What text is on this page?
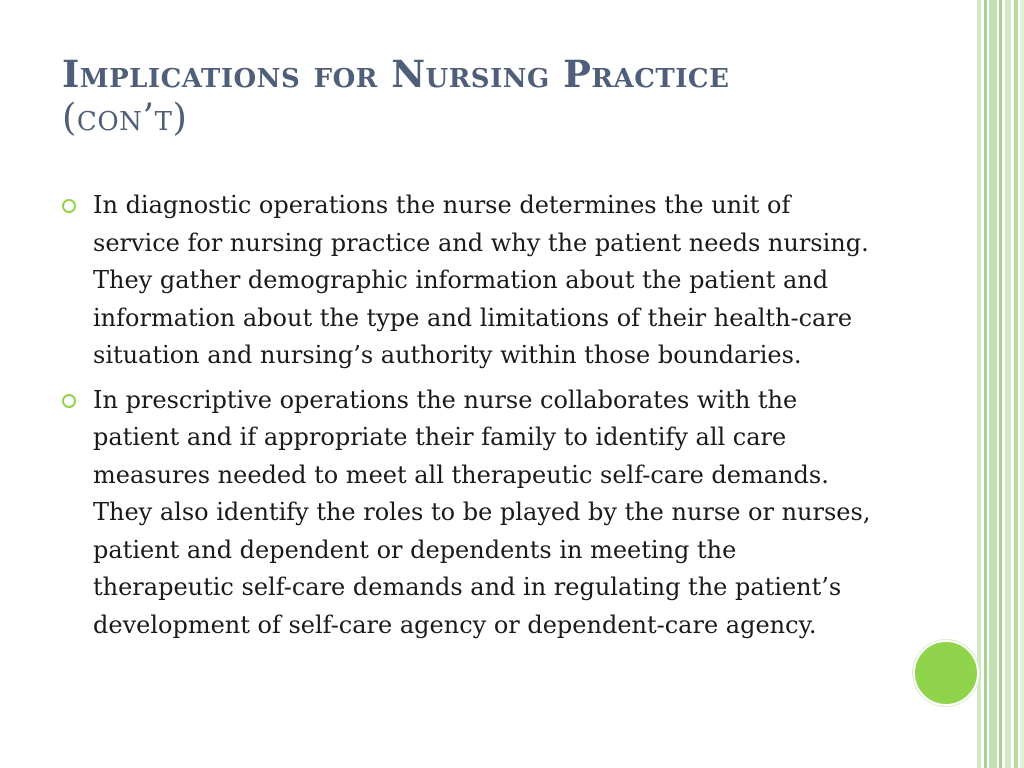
Implications for Nursing Practice
(con’t)
In diagnostic operations the nurse determines the unit of service for nursing practice and why the patient needs nursing. They gather demographic information about the patient and information about the type and limitations of their health-care situation and nursing’s authority within those boundaries.
In prescriptive operations the nurse collaborates with the patient and if appropriate their family to identify all care measures needed to meet all therapeutic self-care demands. They also identify the roles to be played by the nurse or nurses, patient and dependent or dependents in meeting the therapeutic self-care demands and in regulating the patient’s development of self-care agency or dependent-care agency.
